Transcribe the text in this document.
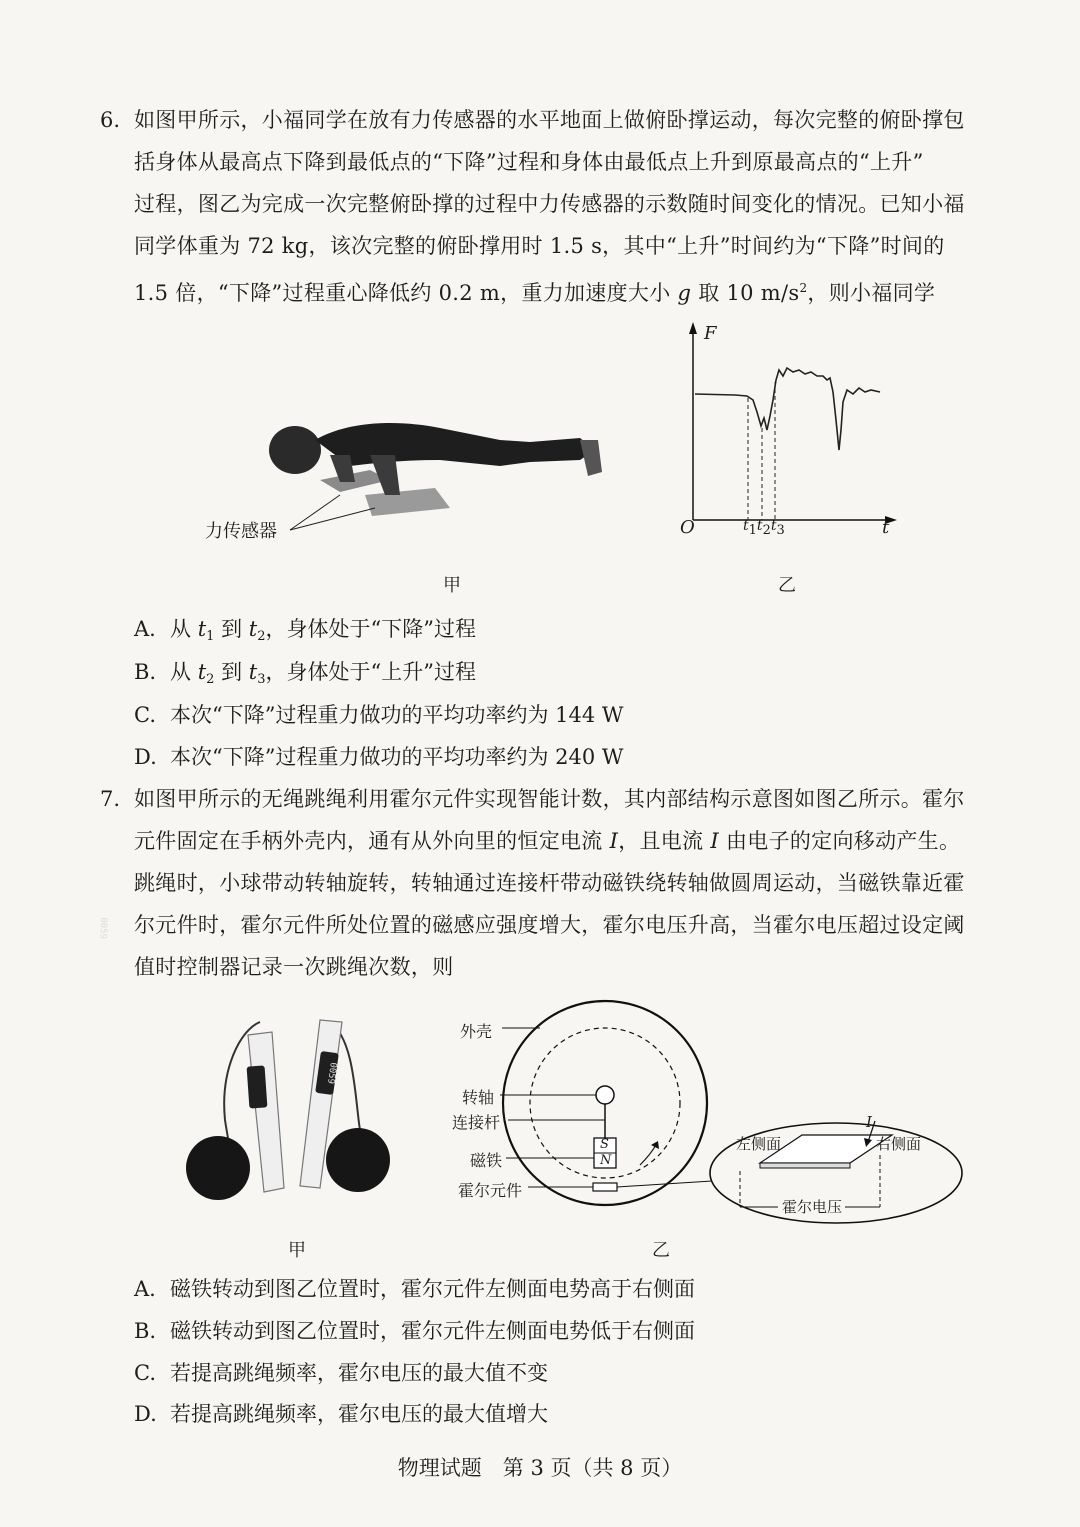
6. 如图甲所示，小福同学在放有力传感器的水平地面上做俯卧撑运动，每次完整的俯卧撑包
括身体从最高点下降到最低点的“下降”过程和身体由最低点上升到原最高点的“上升”
过程，图乙为完成一次完整俯卧撑的过程中力传感器的示数随时间变化的情况。已知小福
同学体重为 72 kg，该次完整的俯卧撑用时 1.5 s，其中“上升”时间约为“下降”时间的
1.5 倍，“下降”过程重心降低约 0.2 m，重力加速度大小 g 取 10 $m/s^2$，则小福同学
力传感器
甲
F
O	t
$t_1t_2t_3$
乙
A. 从 $t_1$ 到 $t_2$，身体处于“下降”过程
B. 从 $t_2$ 到 $t_3$，身体处于“上升”过程
C. 本次“下降”过程重力做功的平均功率约为 144 W
D. 本次“下降”过程重力做功的平均功率约为 240 W
7. 如图甲所示的无绳跳绳利用霍尔元件实现智能计数，其内部结构示意图如图乙所示。霍尔
元件固定在手柄外壳内，通有从外向里的恒定电流 I，且电流 I 由电子的定向移动产生。
跳绳时，小球带动转轴旋转，转轴通过连接杆带动磁铁绕转轴做圆周运动，当磁铁靠近霍
尔元件时，霍尔元件所处位置的磁感应强度增大，霍尔电压升高，当霍尔电压超过设定阈
值时控制器记录一次跳绳次数，则
0059
0059
甲
外壳
转轴
连接杆
磁铁
霍尔元件
S
N
左侧面	右侧面
I
霍尔电压
乙
A. 磁铁转动到图乙位置时，霍尔元件左侧面电势高于右侧面
B. 磁铁转动到图乙位置时，霍尔元件左侧面电势低于右侧面
C. 若提高跳绳频率，霍尔电压的最大值不变
D. 若提高跳绳频率，霍尔电压的最大值增大
物理试题　第 3 页（共 8 页）
